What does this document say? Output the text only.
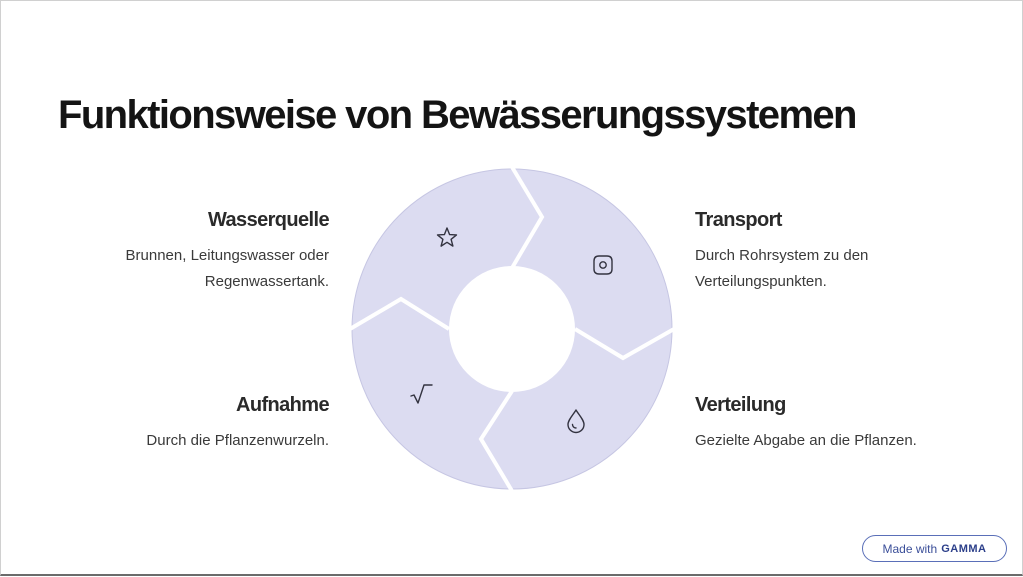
Funktionsweise von Bewässerungssystemen
Wasserquelle

Brunnen, Leitungswasser oder
Regenwassertank.

Aufnahme

Durch die Pflanzenwurzeln.

Transport

Durch Rohrsystem zu den
Verteilungspunkten.

Verteilung

Gezielte Abgabe an die Pflanzen.

Made with GAMMA
